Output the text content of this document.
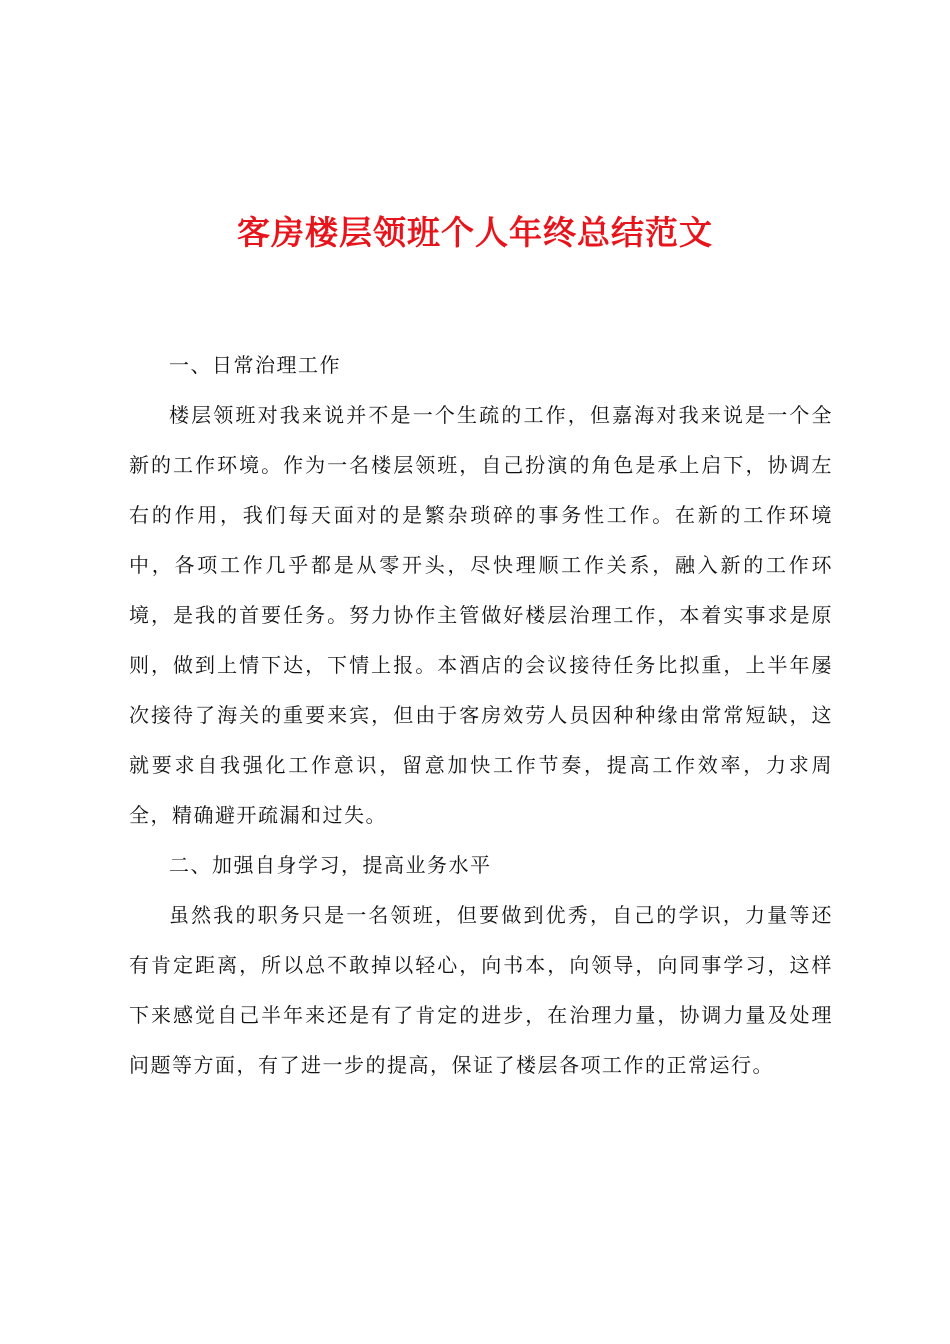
客房楼层领班个人年终总结范文

一、日常治理工作

楼层领班对我来说并不是一个生疏的工作，但嘉海对我来说是一个全新的工作环境。作为一名楼层领班，自己扮演的角色是承上启下，协调左右的作用，我们每天面对的是繁杂琐碎的事务性工作。在新的工作环境中，各项工作几乎都是从零开头，尽快理顺工作关系，融入新的工作环境，是我的首要任务。努力协作主管做好楼层治理工作，本着实事求是原则，做到上情下达，下情上报。本酒店的会议接待任务比拟重，上半年屡次接待了海关的重要来宾，但由于客房效劳人员因种种缘由常常短缺，这就要求自我强化工作意识，留意加快工作节奏，提高工作效率，力求周全，精确避开疏漏和过失。

二、加强自身学习，提高业务水平

虽然我的职务只是一名领班，但要做到优秀，自己的学识，力量等还有肯定距离，所以总不敢掉以轻心，向书本，向领导，向同事学习，这样下来感觉自己半年来还是有了肯定的进步，在治理力量，协调力量及处理问题等方面，有了进一步的提高，保证了楼层各项工作的正常运行。
